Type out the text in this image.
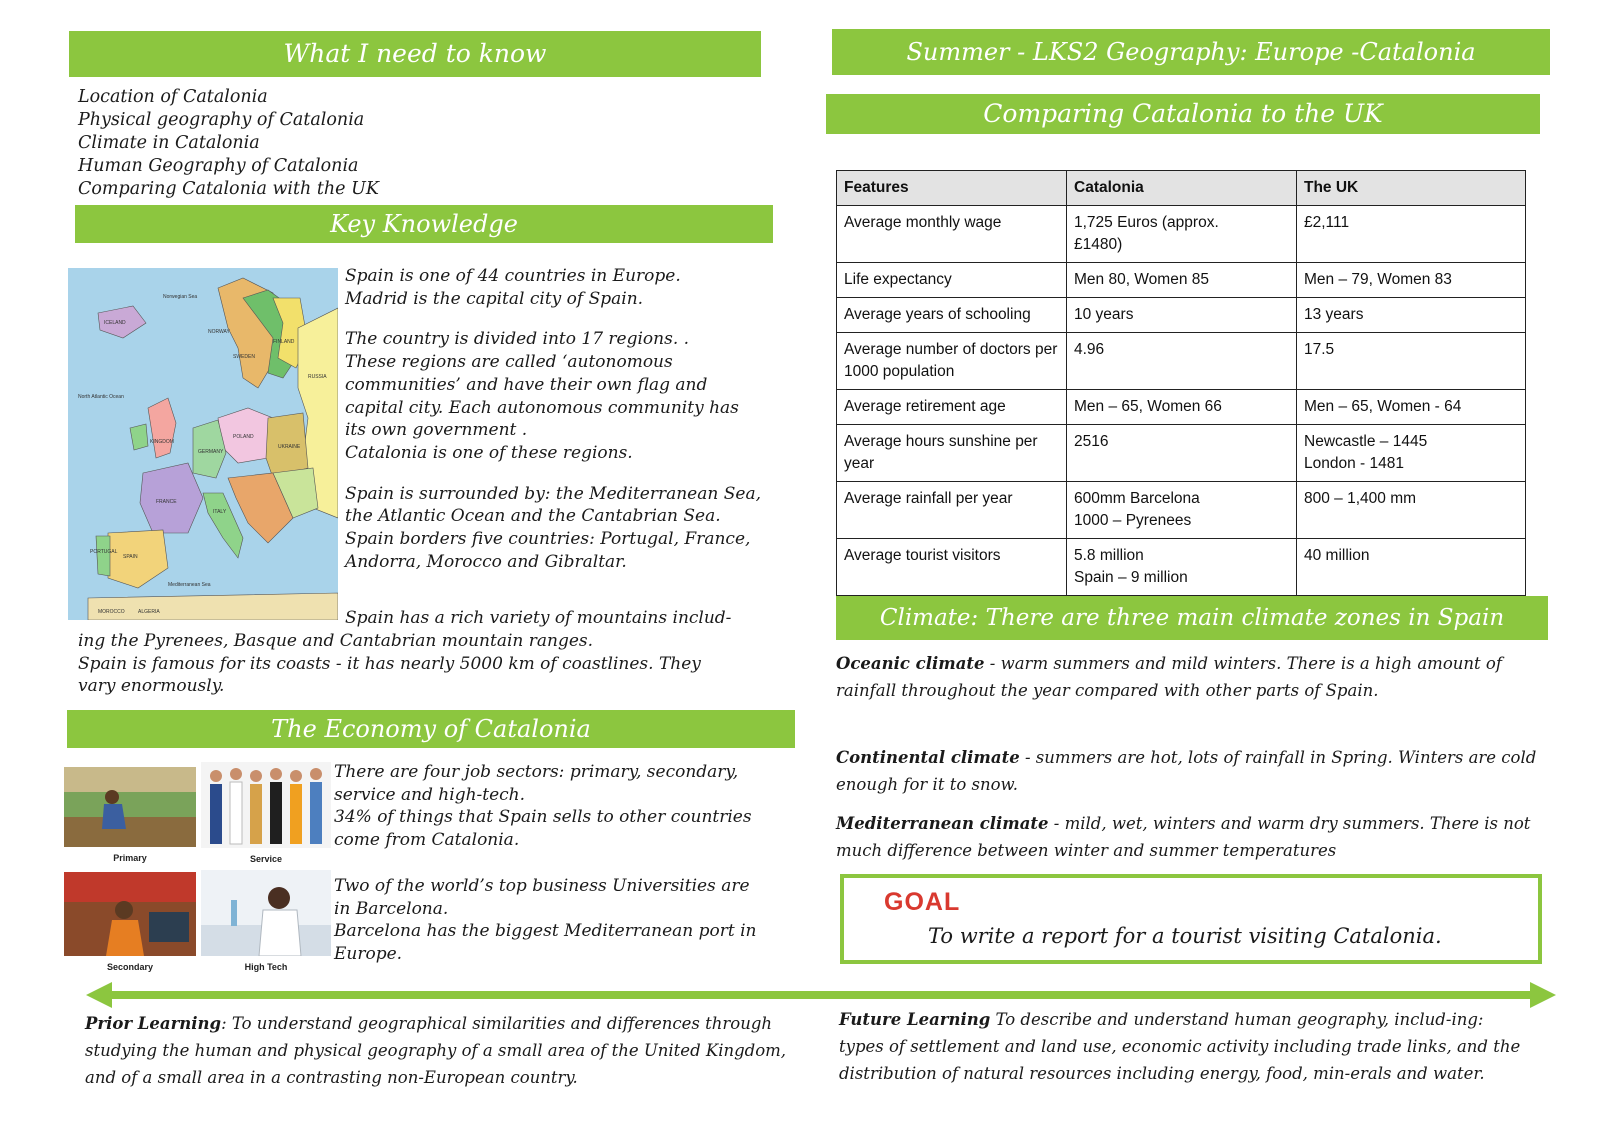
What I need to know	Summer - LKS2 Geography: Europe -Catalonia
Comparing Catalonia to the UK
Key Knowledge
The Economy of Catalonia
Climate: There are three main climate zones in Spain

Location of Catalonia

Physical geography of Catalonia

Climate in Catalonia

Human Geography of Catalonia

Comparing Catalonia with the UK

Norwegian Sea
North Atlantic Ocean
ICELAND
NORWAY
SWEDEN
FINLAND
RUSSIA
KINGDOM
GERMANY
POLAND
UKRAINE
FRANCE
SPAIN
PORTUGAL
ITALY
Mediterranean Sea
ALGERIA
MOROCCO

Spain is one of 44 countries in Europe.

Madrid is the capital city of Spain.

The country is divided into 17 regions. .

These regions are called ‘autonomous

communities’ and have their own flag and

capital city. Each autonomous community has

its own government .

Catalonia is one of these regions.

Spain is surrounded by: the Mediterranean Sea,

the Atlantic Ocean and the Cantabrian Sea.

Spain borders five countries: Portugal, France,

Andorra, Morocco and Gibraltar.

Spain has a rich variety of mountains includ-

ing the Pyrenees, Basque and Cantabrian mountain ranges.

Spain is famous for its coasts - it has nearly 5000 km of coastlines. They

vary enormously.

Primary	Service
Secondary	High Tech

There are four job sectors: primary, secondary,

service and high-tech.

34% of things that Spain sells to other countries

come from Catalonia.

Two of the world’s top business Universities are

in Barcelona.

Barcelona has the biggest Mediterranean port in

Europe.

Features	Catalonia	The UK
Average monthly wage	1,725 Euros (approx.
£1480)	£2,111

Life expectancy	Men 80, Women 85	Men – 79, Women 83
Average years of schooling	10 years	13 years
Average number of doctors per 1000 population	4.96	17.5
Average retirement age	Men – 65, Women 66	Men – 65, Women - 64
Average hours sunshine per year	2516	Newcastle – 1445
London - 1481

Average rainfall per year	600mm Barcelona
1000 – Pyrenees	800 – 1,400 mm
Average tourist visitors	5.8 million
Spain – 9 million	40 million
Oceanic climate - warm summers and mild winters. There is a high amount of rainfall throughout the year compared with other parts of Spain.
Continental climate - summers are hot, lots of rainfall in Spring. Winters are cold enough for it to snow.
Mediterranean climate - mild, wet, winters and warm dry summers. There is not much difference between winter and summer temperatures
GOAL
To write a report for a tourist visiting Catalonia.
Prior Learning: To understand geographical similarities and differences through studying the human and physical geography of a small area of the United Kingdom, and of a small area in a contrasting non-European country.
Future Learning To describe and understand human geography, includ-ing: types of settlement and land use, economic activity including trade links, and the distribution of natural resources including energy, food, min-erals and water.
